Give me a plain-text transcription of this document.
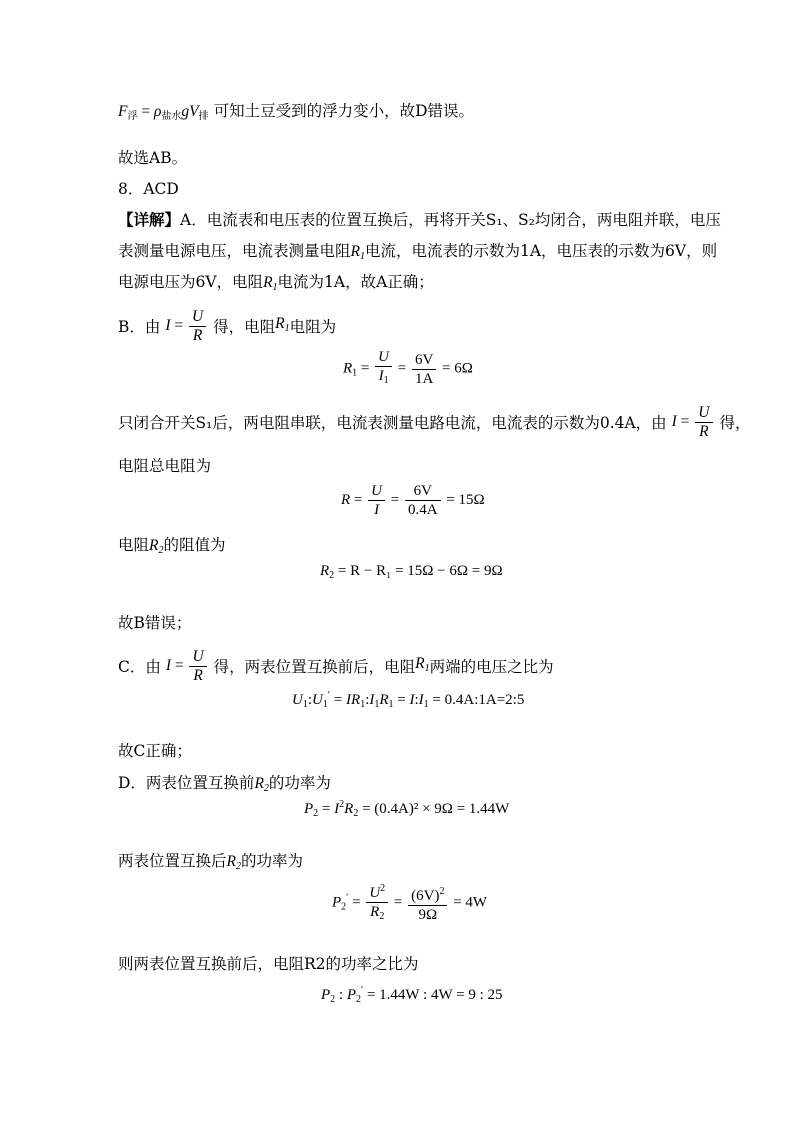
$F_浮 = \rho_{盐水}gV_排$ 可知土豆受到的浮力变小，故D错误。
故选AB。
8．ACD
【详解】A．电流表和电压表的位置互换后，再将开关S₁、S₂均闭合，两电阻并联，电压
表测量电源电压，电流表测量电阻$R_1$电流，电流表的示数为1A，电压表的示数为6V，则
电源电压为6V，电阻$R_1$电流为1A，故A正确；
B．由 $I = \frac{U}{R}$ 得，电阻$R_1$电阻为
$R_1 = \frac{U}{I_1} = \frac{6V}{1A} = 6\Omega$
只闭合开关S₁后，两电阻串联，电流表测量电路电流，电流表的示数为0.4A，由 $I = \frac{U}{R}$ 得，
电阻总电阻为
$R = \frac{U}{I} = \frac{6V}{0.4A} = 15\Omega$
电阻$R_2$的阻值为
$R_2 = R - R_1 = 15\Omega - 6\Omega = 9\Omega$
故B错误；
C．由 $I = \frac{U}{R}$ 得，两表位置互换前后，电阻$R_1$两端的电压之比为
$U_1:U_1'$ = $IR_1:I_1R_1$ = $I:I_1$ = 0.4A:1A=2:5
故C正确；
D．两表位置互换前$R_2$的功率为
$P_2 = I^2R_2 = (0.4A)^2 \times 9\Omega = 1.44W$
两表位置互换后$R_2$的功率为
$P_2' = \frac{U^2}{R_2} = \frac{(6V)^2}{9\Omega} = 4W$
则两表位置互换前后，电阻R2的功率之比为
$P_2$ : $P_2' = 1.44W$ : 4W = 9 : 25
